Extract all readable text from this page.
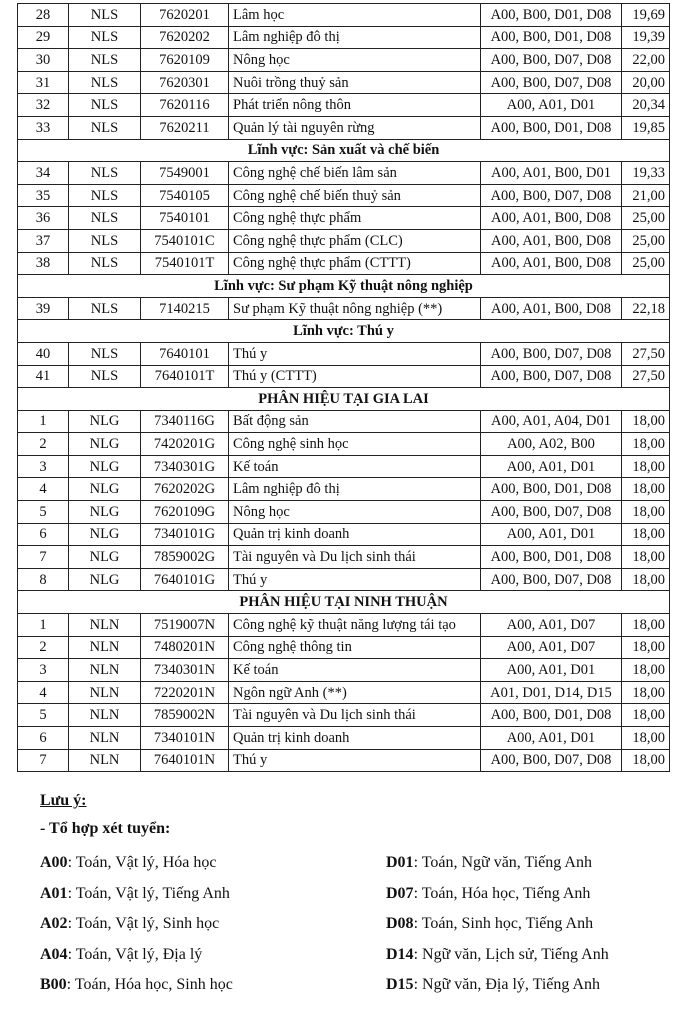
28	NLS	7620201	Lâm học	A00, B00, D01, D08	19,69
29	NLS	7620202	Lâm nghiệp đô thị	A00, B00, D01, D08	19,39
30	NLS	7620109	Nông học	A00, B00, D07, D08	22,00
31	NLS	7620301	Nuôi trồng thuỷ sản	A00, B00, D07, D08	20,00
32	NLS	7620116	Phát triển nông thôn	A00, A01, D01	20,34
33	NLS	7620211	Quản lý tài nguyên rừng	A00, B00, D01, D08	19,85
Lĩnh vực: Sản xuất và chế biến					
34	NLS	7549001	Công nghệ chế biến lâm sản	A00, A01, B00, D01	19,33
35	NLS	7540105	Công nghệ chế biến thuỷ sản	A00, B00, D07, D08	21,00
36	NLS	7540101	Công nghệ thực phẩm	A00, A01, B00, D08	25,00
37	NLS	7540101C	Công nghệ thực phẩm (CLC)	A00, A01, B00, D08	25,00
38	NLS	7540101T	Công nghệ thực phẩm (CTTT)	A00, A01, B00, D08	25,00
Lĩnh vực: Sư phạm Kỹ thuật nông nghiệp					
39	NLS	7140215	Sư phạm Kỹ thuật nông nghiệp (**)	A00, A01, B00, D08	22,18
Lĩnh vực: Thú y					
40	NLS	7640101	Thú y	A00, B00, D07, D08	27,50
41	NLS	7640101T	Thú y (CTTT)	A00, B00, D07, D08	27,50
PHÂN HIỆU TẠI GIA LAI					
1	NLG	7340116G	Bất động sản	A00, A01, A04, D01	18,00
2	NLG	7420201G	Công nghệ sinh học	A00, A02, B00	18,00
3	NLG	7340301G	Kế toán	A00, A01, D01	18,00
4	NLG	7620202G	Lâm nghiệp đô thị	A00, B00, D01, D08	18,00
5	NLG	7620109G	Nông học	A00, B00, D07, D08	18,00
6	NLG	7340101G	Quản trị kinh doanh	A00, A01, D01	18,00
7	NLG	7859002G	Tài nguyên và Du lịch sinh thái	A00, B00, D01, D08	18,00
8	NLG	7640101G	Thú y	A00, B00, D07, D08	18,00
PHÂN HIỆU TẠI NINH THUẬN					
1	NLN	7519007N	Công nghệ kỹ thuật năng lượng tái tạo	A00, A01, D07	18,00
2	NLN	7480201N	Công nghệ thông tin	A00, A01, D07	18,00
3	NLN	7340301N	Kế toán	A00, A01, D01	18,00
4	NLN	7220201N	Ngôn ngữ Anh (**)	A01, D01, D14, D15	18,00
5	NLN	7859002N	Tài nguyên và Du lịch sinh thái	A00, B00, D01, D08	18,00
6	NLN	7340101N	Quản trị kinh doanh	A00, A01, D01	18,00
7	NLN	7640101N	Thú y	A00, B00, D07, D08	18,00
Lưu ý:
- Tổ hợp xét tuyển:
A00: Toán, Vật lý, Hóa học
A01: Toán, Vật lý, Tiếng Anh
A02: Toán, Vật lý, Sinh học
A04: Toán, Vật lý, Địa lý
B00: Toán, Hóa học, Sinh học
D01: Toán, Ngữ văn, Tiếng Anh
D07: Toán, Hóa học, Tiếng Anh
D08: Toán, Sinh học, Tiếng Anh
D14: Ngữ văn, Lịch sử, Tiếng Anh
D15: Ngữ văn, Địa lý, Tiếng Anh
